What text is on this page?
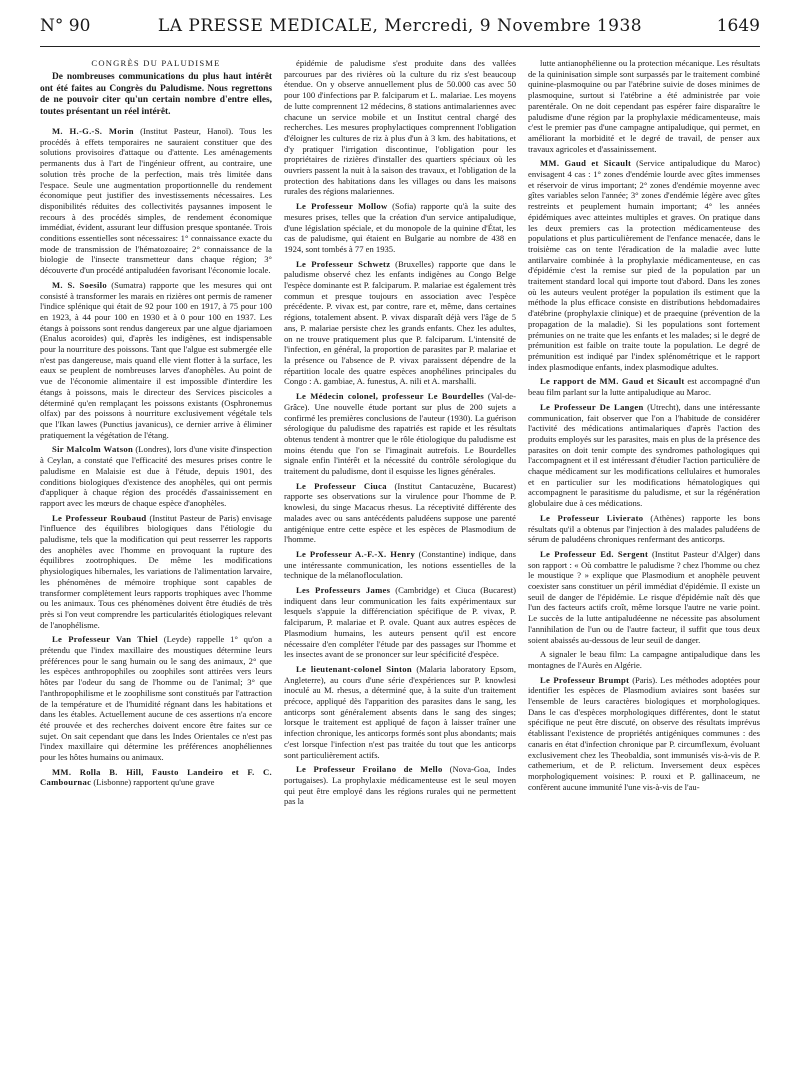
N° 90	LA PRESSE MEDICALE, Mercredi, 9 Novembre 1938	1649

CONGRÈS DU PALUDISME

De nombreuses communications du plus haut intérêt ont été faites au Congrès du Paludisme. Nous regrettons de ne pouvoir citer qu'un certain nombre d'entre elles, toutes présentant un réel intérêt.

M. H.-G.-S. Morin (Institut Pasteur, Hanoï). Tous les procédés à effets temporaires ne sauraient constituer que des solutions provisoires d'attaque ou d'attente. Les aménagements permanents dus à l'art de l'ingénieur offrent, au contraire, une solution très proche de la perfection, mais très limitée dans l'espace. Seule une augmentation proportionnelle du rendement économique peut justifier des investissements nécessaires. Les disponibilités réduites des collectivités paysannes imposent le recours à des procédés simples, de rendement économique immédiat, évident, assurant leur diffusion presque spontanée. Trois conditions essentielles sont nécessaires: 1° connaissance exacte du mode de transmission de l'hématozoaire; 2° connaissance de la biologie de l'insecte transmetteur dans chaque région; 3° découverte d'un procédé antipaludéen favorisant l'économie locale.

M. S. Soesilo (Sumatra) rapporte que les mesures qui ont consisté à transformer les marais en rizières ont permis de ramener l'indice splénique qui était de 92 pour 100 en 1917, à 75 pour 100 en 1923, à 44 pour 100 en 1930 et à 0 pour 100 en 1937. Les étangs à poissons sont rendus dangereux par une algue djariamoen (Enalus acoroides) qui, d'après les indigènes, est indispensable pour la nourriture des poissons. Tant que l'algue est submergée elle n'est pas dangereuse, mais quand elle vient flotter à la surface, les eaux se peuplent de nombreuses larves d'anophèles. Au point de vue de l'économie alimentaire il est impossible d'interdire les étangs à poissons, mais le directeur des Services piscicoles a déterminé qu'en remplaçant les poissons existants (Osphronemus olfax) par des poissons à nourriture exclusivement végétale tels que l'Ikan lawes (Punctius javanicus), ce dernier arrive à éliminer pratiquement la végétation de l'étang.

Sir Malcolm Watson (Londres), lors d'une visite d'inspection à Ceylan, a constaté que l'efficacité des mesures prises contre le paludisme en Malaisie est due à l'étude, depuis 1901, des conditions biologiques d'existence des anophèles, qui ont permis d'appliquer à chaque région des procédés d'assainissement en rapport avec les mœurs de chaque espèce d'anophèles.

Le Professeur Roubaud (Institut Pasteur de Paris) envisage l'influence des équilibres biologiques dans l'étiologie du paludisme, tels que la modification qui peut resserrer les rapports des anophèles avec l'homme en provoquant la rupture des équilibres zootrophiques. De même les modifications physiologiques hibernales, les variations de l'alimentation larvaire, les phénomènes de mémoire trophique sont capables de transformer complètement leurs rapports trophiques avec l'homme ou les animaux. Tous ces phénomènes doivent être étudiés de très près si l'on veut comprendre les particularités étiologiques relevant de l'anophélisme.

Le Professeur Van Thiel (Leyde) rappelle 1° qu'on a prétendu que l'index maxillaire des moustiques détermine leurs préférences pour le sang humain ou le sang des animaux, 2° que les espèces anthropophiles ou zoophiles sont attirées vers leurs hôtes par l'odeur du sang de l'homme ou de l'animal; 3° que l'anthropophilisme et le zoophilisme sont constitués par l'attraction de la température et de l'humidité régnant dans les habitations et dans les étables. Actuellement aucune de ces assertions n'a encore été prouvée et des recherches doivent encore être faites sur ce sujet. On sait cependant que dans les Indes Orientales ce n'est pas l'index maxillaire qui détermine les préférences anophéliennes pour les hôtes humains ou animaux.

MM. Rolla B. Hill, Fausto Landeiro et F. C. Cambournac (Lisbonne) rapportent qu'une grave

épidémie de paludisme s'est produite dans des vallées parcourues par des rivières où la culture du riz s'est beaucoup étendue. On y observe annuellement plus de 50.000 cas avec 50 pour 100 d'infections par P. falciparum et L. malariae. Les moyens de lutte comprennent 12 médecins, 8 stations antimalariennes avec chacune un service mobile et un Institut central chargé des recherches. Les mesures prophylactiques comprennent l'obligation d'éloigner les cultures de riz à plus d'un à 3 km. des habitations, et d'y pratiquer l'irrigation discontinue, l'obligation pour les propriétaires de rizières d'installer des quartiers spéciaux où les ouvriers passent la nuit à la saison des travaux, et l'obligation de la protection des habitations dans les villages ou dans les maisons rurales des régions malariennes.

Le Professeur Mollow (Sofia) rapporte qu'à la suite des mesures prises, telles que la création d'un service antipaludique, d'une législation spéciale, et du monopole de la quinine d'État, les cas de paludisme, qui étaient en Bulgarie au nombre de 438 en 1924, sont tombés à 77 en 1935.

Le Professeur Schwetz (Bruxelles) rapporte que dans le paludisme observé chez les enfants indigènes au Congo Belge l'espèce dominante est P. falciparum. P. malariae est également très commun et presque toujours en association avec l'espèce précédente. P. vivax est, par contre, rare et, même, dans certaines régions, totalement absent. P. vivax disparaît déjà vers l'âge de 5 ans, P. malariae persiste chez les grands enfants. Chez les adultes, on ne trouve pratiquement plus que P. falciparum. L'intensité de l'infection, en général, la proportion de parasites par P. malariae et la présence ou l'absence de P. vivax paraissent dépendre de la répartition locale des quatre espèces anophélines principales du Congo : A. gambiae, A. funestus, A. nili et A. marshalli.

Le Médecin colonel, professeur Le Bourdelles (Val-de-Grâce). Une nouvelle étude portant sur plus de 200 sujets a confirmé les premières conclusions de l'auteur (1930). La guérison sérologique du paludisme des rapatriés est rapide et les résultats obtenus tendent à montrer que le rôle étiologique du paludisme est moins étendu que l'on se l'imaginait autrefois. Le Bourdelles signale enfin l'intérêt et la nécessité du contrôle sérologique du traitement du paludisme, dont il esquisse les lignes générales.

Le Professeur Ciuca (Institut Cantacuzène, Bucarest) rapporte ses observations sur la virulence pour l'homme de P. knowlesi, du singe Macacus rhesus. La réceptivité différente des malades avec ou sans antécédents paludéens suppose une parenté antigénique entre cette espèce et les espèces de Plasmodium de l'homme.

Le Professeur A.-F.-X. Henry (Constantine) indique, dans une intéressante communication, les notions essentielles de la technique de la mélanofloculation.

Les Professeurs James (Cambridge) et Ciuca (Bucarest) indiquent dans leur communication les faits expérimentaux sur lesquels s'appuie la différenciation spécifique de P. vivax, P. falciparum, P. malariae et P. ovale. Quant aux autres espèces de Plasmodium humains, les auteurs pensent qu'il est encore nécessaire d'en compléter l'étude par des passages sur l'homme et les insectes avant de se prononcer sur leur spécificité d'espèce.

Le lieutenant-colonel Sinton (Malaria laboratory Epsom, Angleterre), au cours d'une série d'expériences sur P. knowlesi inoculé au M. rhesus, a déterminé que, à la suite d'un traitement précoce, appliqué dès l'apparition des parasites dans le sang, les anticorps sont généralement absents dans le sang des singes; lorsque le traitement est appliqué de façon à laisser traîner une infection chronique, les anticorps formés sont plus abondants; mais c'est lorsque l'infection n'est pas traitée du tout que les anticorps sont particulièrement actifs.

Le Professeur Froilano de Mello (Nova-Goa, Indes portugaises). La prophylaxie médicamenteuse est le seul moyen qui peut être employé dans les régions rurales qui ne permettent pas la

lutte antianophélienne ou la protection mécanique. Les résultats de la quininisation simple sont surpassés par le traitement combiné quinine-plasmoquine ou par l'atébrine suivie de doses minimes de plasmoquine, surtout si l'atébrine a été administrée par voie parentérale. On ne doit cependant pas espérer faire disparaître le paludisme d'une région par la prophylaxie médicamenteuse, mais c'est le premier pas d'une campagne antipaludique, qui permet, en améliorant la morbidité et le degré de travail, de penser aux travaux agricoles et d'assainissement.

MM. Gaud et Sicault (Service antipaludique du Maroc) envisagent 4 cas : 1° zones d'endémie lourde avec gîtes immenses et réservoir de virus important; 2° zones d'endémie moyenne avec gîtes variables selon l'année; 3° zones d'endémie légère avec gîtes restreints et peuplement humain important; 4° les années épidémiques avec atteintes multiples et graves. On pratique dans les deux premiers cas la protection médicamenteuse des populations et plus particulièrement de l'enfance menacée, dans le troisième cas on tente l'éradication de la maladie avec lutte antilarvaire combinée à la prophylaxie médicamenteuse, en cas d'épidémie c'est la remise sur pied de la population par un traitement standard local qui importe tout d'abord. Dans les zones où les auteurs veulent protéger la population ils estiment que la méthode la plus efficace consiste en distributions hebdomadaires d'atébrine (prophylaxie clinique) et de praequine (prévention de la propagation de la maladie). Si les populations sont fortement prémunies on ne traite que les enfants et les malades; si le degré de prémunition est faible on traite toute la population. Le degré de prémunition est indiqué par l'index splénométrique et le rapport index plasmodique enfants, index plasmodique adultes.

Le rapport de MM. Gaud et Sicault est accompagné d'un beau film parlant sur la lutte antipaludique au Maroc.

Le Professeur De Langen (Utrecht), dans une intéressante communication, fait observer que l'on a l'habitude de considérer l'activité des médications antimalariques d'après l'action des produits employés sur les parasites, mais en plus de la présence des parasites on doit tenir compte des syndromes pathologiques qui l'accompagnent et il est intéressant d'étudier l'action particulière de chaque médicament sur les modifications cellulaires et humorales et en particulier sur les modifications hématologiques qui accompagnent le parasitisme du paludisme, et sur la régénération globulaire due à ces médications.

Le Professeur Livierato (Athènes) rapporte les bons résultats qu'il a obtenus par l'injection à des malades paludéens de sérum de paludéens chroniques renfermant des anticorps.

Le Professeur Ed. Sergent (Institut Pasteur d'Alger) dans son rapport : « Où combattre le paludisme ? chez l'homme ou chez le moustique ? » explique que Plasmodium et anophèle peuvent coexister sans constituer un péril immédiat d'épidémie. Il existe un seuil de danger de l'épidémie. Le risque d'épidémie naît dès que l'un des facteurs actifs croît, même lorsque l'autre ne varie point. Le succès de la lutte antipaludéenne ne nécessite pas absolument l'annihilation de l'un ou de l'autre facteur, il suffit que tous deux soient abaissés au-dessous de leur seuil de danger.

A signaler le beau film: La campagne antipaludique dans les montagnes de l'Aurès en Algérie.

Le Professeur Brumpt (Paris). Les méthodes adoptées pour identifier les espèces de Plasmodium aviaires sont basées sur l'ensemble de leurs caractères biologiques et morphologiques. Dans le cas d'espèces morphologiques différentes, dont le statut spécifique ne peut être discuté, on observe des résultats imprévus établissant l'existence de propriétés antigéniques communes : des canaris en état d'infection chronique par P. circumflexum, évoluant exclusivement chez les Theobaldia, sont immunisés vis-à-vis de P. cathemerium, et de P. relictum. Inversement deux espèces morphologiquement voisines: P. rouxi et P. gallinaceum, ne confèrent aucune immunité l'une vis-à-vis de l'au-
